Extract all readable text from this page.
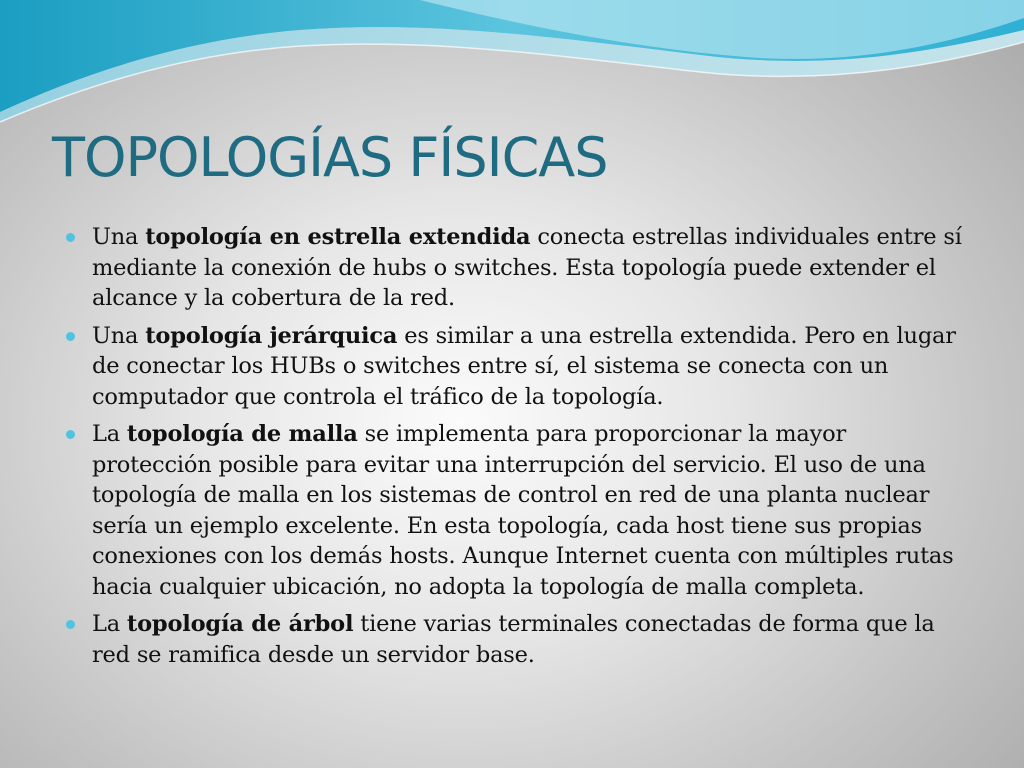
TOPOLOGÍAS FÍSICAS
Una topología en estrella extendida conecta estrellas individuales entre sí mediante la conexión de hubs o switches. Esta topología puede extender el alcance y la cobertura de la red.
Una topología jerárquica es similar a una estrella extendida. Pero en lugar de conectar los HUBs o switches entre sí, el sistema se conecta con un computador que controla el tráfico de la topología.
La topología de malla se implementa para proporcionar la mayor protección posible para evitar una interrupción del servicio. El uso de una topología de malla en los sistemas de control en red de una planta nuclear sería un ejemplo excelente. En esta topología, cada host tiene sus propias conexiones con los demás hosts. Aunque Internet cuenta con múltiples rutas hacia cualquier ubicación, no adopta la topología de malla completa.
La topología de árbol tiene varias terminales conectadas de forma que la red se ramifica desde un servidor base.
